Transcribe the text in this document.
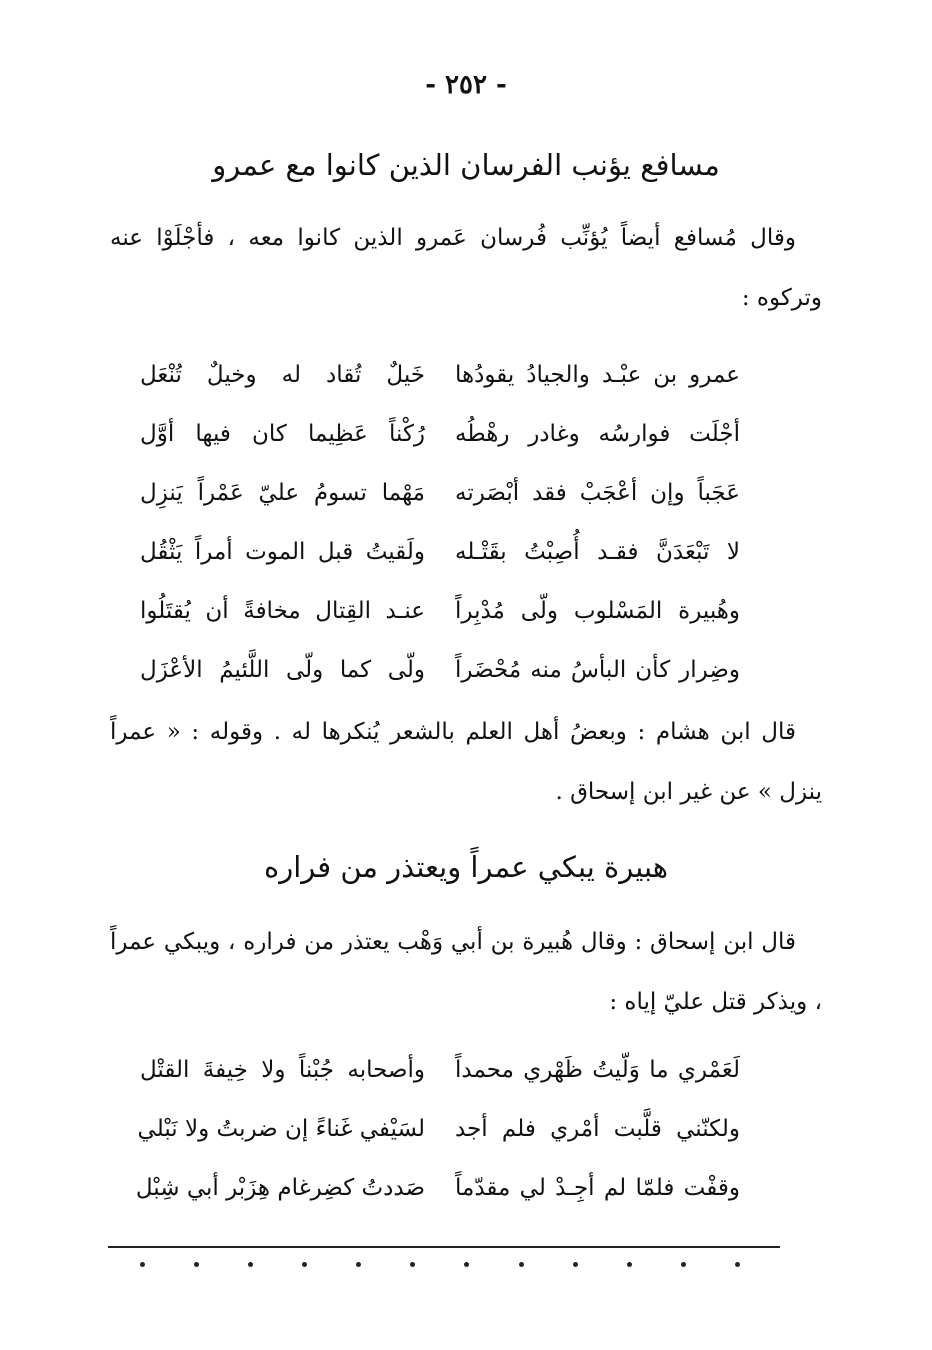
- ٢٥٢ -
مسافع يؤنب الفرسان الذين كانوا مع عمرو
وقال مُسافع أيضاً يُؤنِّب فُرسان عَمرو الذين كانوا معه ، فأجْلَوْا عنه وتركوه :
عمرو بن عبْـد والجيادُ يقودُها
خَيلٌ تُقاد له وخيلٌ تُنْعَل
أجْلَت فوارسُه وغادر رهْطُه
رُكْناً عَظِيما كان فيها أوَّل
عَجَباً وإن أعْجَبْ فقد أبْصَرته
مَهْما تسومُ عليّ عَمْراً يَنزِل
لا تَبْعَدَنَّ فقـد أُصِبْتُ بقَتْـله
ولَقيتُ قبل الموت أمراً يَثْقُل
وهُبيرة المَسْلوب ولّى مُدْبِراً
عنـد القِتال مخافةً أن يُقتَلُوا
وضِرار كأن البأسُ منه مُحْضَراً
ولّى كما ولّى اللَّئيمُ الأعْزَل
قال ابن هشام : وبعضُ أهل العلم بالشعر يُنكرها له . وقوله : « عمراً ينزل » عن غير ابن إسحاق .
هبيرة يبكي عمراً ويعتذر من فراره
قال ابن إسحاق : وقال هُبيرة بن أبي وَهْب يعتذر من فراره ، ويبكي عمراً ، ويذكر قتل عليّ إياه :
لَعَمْري ما وَلّيتُ ظَهْري محمداً
وأصحابه جُبْناً ولا خِيفةَ القتْل
ولكنّني قلَّبت أمْري فلم أجد
لسَيْفي غَناءً إن ضربتُ ولا نَبْلي
وقفْت فلمّا لم أجِـدْ لي مقدّماً
صَددتُ كضِرغام هِزَبْر أبي شِبْل
